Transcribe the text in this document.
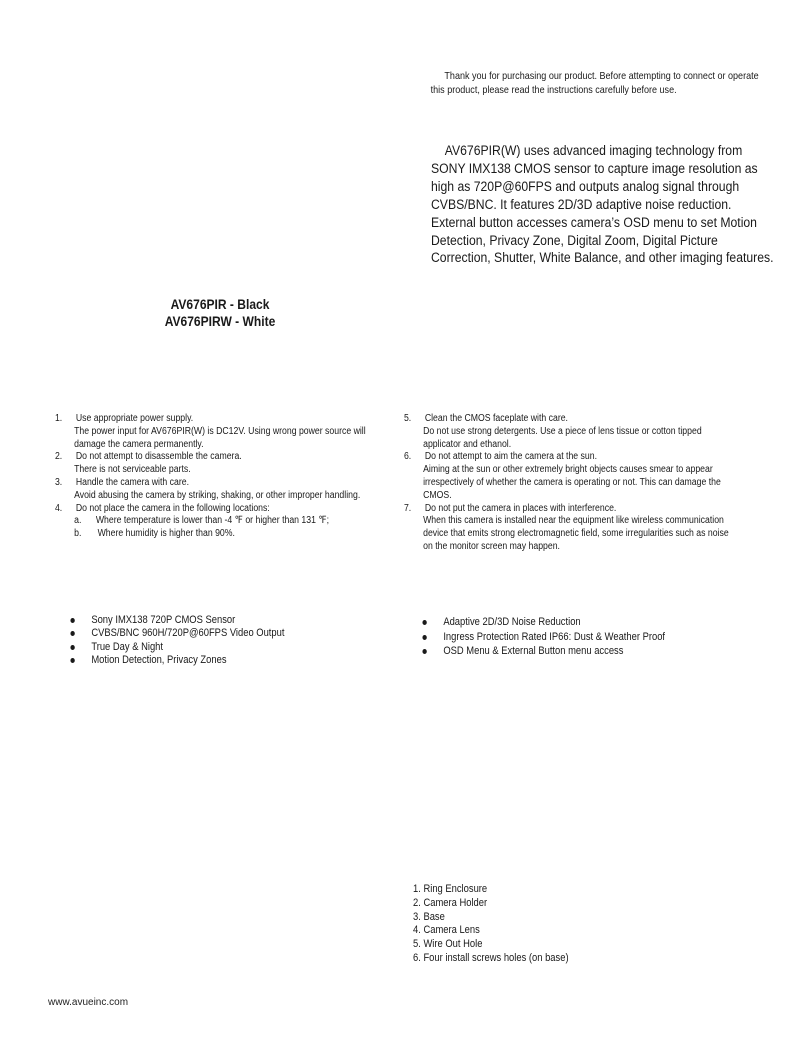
Thank you for purchasing our product. Before attempting to connect or operate this product, please read the instructions carefully before use.
AV676PIR(W) uses advanced imaging technology from SONY IMX138 CMOS sensor to capture image resolution as high as 720P@60FPS and outputs analog signal through CVBS/BNC. It features 2D/3D adaptive noise reduction. External button accesses camera’s OSD menu to set Motion Detection, Privacy Zone, Digital Zoom, Digital Picture Correction, Shutter, White Balance, and other imaging features.
AV676PIR - Black
AV676PIRW - White
1. Use appropriate power supply.
The power input for AV676PIR(W) is DC12V. Using wrong power source will damage the camera permanently.
2. Do not attempt to disassemble the camera.
There is not serviceable parts.
3. Handle the camera with care.
Avoid abusing the camera by striking, shaking, or other improper handling.
4. Do not place the camera in the following locations:
a. Where temperature is lower than -4 ℉ or higher than 131 ℉;
b. Where humidity is higher than 90%.
5. Clean the CMOS faceplate with care.
Do not use strong detergents. Use a piece of lens tissue or cotton tipped applicator and ethanol.
6. Do not attempt to aim the camera at the sun.
Aiming at the sun or other extremely bright objects causes smear to appear irrespectively of whether the camera is operating or not. This can damage the CMOS.
7. Do not put the camera in places with interference.
When this camera is installed near the equipment like wireless communication device that emits strong electromagnetic field, some irregularities such as noise on the monitor screen may happen.
Sony IMX138 720P CMOS Sensor
CVBS/BNC 960H/720P@60FPS Video Output
True Day & Night
Motion Detection, Privacy Zones
Adaptive 2D/3D Noise Reduction
Ingress Protection Rated IP66: Dust & Weather Proof
OSD Menu & External Button menu access
1. Ring Enclosure
2. Camera Holder
3. Base
4. Camera Lens
5. Wire Out Hole
6. Four install screws holes (on base)
www.avueinc.com
